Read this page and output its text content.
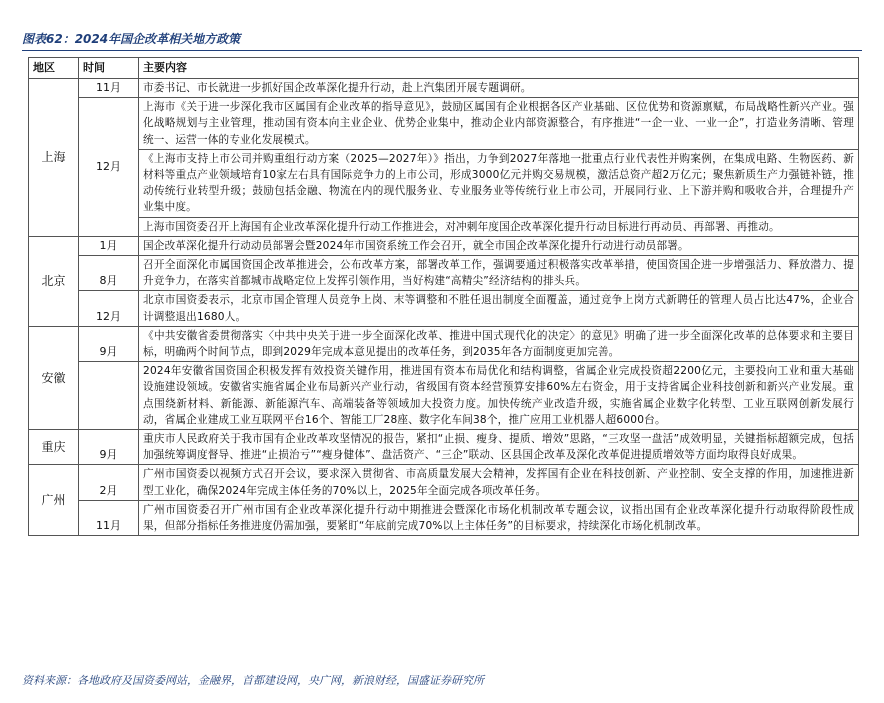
图表62：2024年国企改革相关地方政策
地区	时间	主要内容
上海	11月	市委书记、市长就进一步抓好国企改革深化提升行动，赴上汽集团开展专题调研。
	12月	上海市《关于进一步深化我市区属国有企业改革的指导意见》，鼓励区属国有企业根据各区产业基础、区位优势和资源禀赋，布局战略性新兴产业。强化战略规划与主业管理，推动国有资本向主业企业、优势企业集中，推动企业内部资源整合，有序推进“一企一业、一业一企”，打造业务清晰、管理统一、运营一体的专业化发展模式。
		《上海市支持上市公司并购重组行动方案（2025—2027年）》指出，力争到2027年落地一批重点行业代表性并购案例，在集成电路、生物医药、新材料等重点产业领域培育10家左右具有国际竞争力的上市公司，形成3000亿元并购交易规模，激活总资产超2万亿元；聚焦新质生产力强链补链，推动传统行业转型升级；鼓励包括金融、物流在内的现代服务业、专业服务业等传统行业上市公司，开展同行业、上下游并购和吸收合并，合理提升产业集中度。
		上海市国资委召开上海国有企业改革深化提升行动工作推进会，对冲刺年度国企改革深化提升行动目标进行再动员、再部署、再推动。
北京	1月	国企改革深化提升行动动员部署会暨2024年市国资系统工作会召开，就全市国企改革深化提升行动进行动员部署。
	8月	召开全面深化市属国资国企改革推进会，公布改革方案，部署改革工作，强调要通过积极落实改革举措，使国资国企进一步增强活力、释放潜力、提升竞争力，在落实首都城市战略定位上发挥引领作用，当好构建“高精尖”经济结构的排头兵。
	12月	北京市国资委表示，北京市国企管理人员竞争上岗、末等调整和不胜任退出制度全面覆盖，通过竞争上岗方式新聘任的管理人员占比达47%，企业合计调整退出1680人。
安徽	9月	《中共安徽省委贯彻落实〈中共中央关于进一步全面深化改革、推进中国式现代化的决定〉的意见》明确了进一步全面深化改革的总体要求和主要目标，明确两个时间节点，即到2029年完成本意见提出的改革任务，到2035年各方面制度更加完善。
		2024年安徽省国资国企积极发挥有效投资关键作用，推进国有资本布局优化和结构调整，省属企业完成投资超2200亿元，主要投向工业和重大基础设施建设领域。安徽省实施省属企业布局新兴产业行动，省级国有资本经营预算安排60%左右资金，用于支持省属企业科技创新和新兴产业发展。重点围绕新材料、新能源、新能源汽车、高端装备等领域加大投资力度。加快传统产业改造升级，实施省属企业数字化转型、工业互联网创新发展行动，省属企业建成工业互联网平台16个、智能工厂28座、数字化车间38个，推广应用工业机器人超6000台。
重庆	9月	重庆市人民政府关于我市国有企业改革攻坚情况的报告，紧扣“止损、瘦身、提质、增效”思路，“三攻坚一盘活”成效明显，关键指标超额完成，包括加强统筹调度督导、推进“止损治亏”“瘦身健体”、盘活资产、“三企”联动、区县国企改革及深化改革促进提质增效等方面均取得良好成果。
广州	2月	广州市国资委以视频方式召开会议，要求深入贯彻省、市高质量发展大会精神，发挥国有企业在科技创新、产业控制、安全支撑的作用，加速推进新型工业化，确保2024年完成主体任务的70%以上，2025年全面完成各项改革任务。
	11月	广州市国资委召开广州市国有企业改革深化提升行动中期推进会暨深化市场化机制改革专题会议，议指出国有企业改革深化提升行动取得阶段性成果，但部分指标任务推进度仍需加强，要紧盯“年底前完成70%以上主体任务”的目标要求，持续深化市场化机制改革。
资料来源：各地政府及国资委网站，金融界，首都建设网，央广网，新浪财经，国盛证券研究所
